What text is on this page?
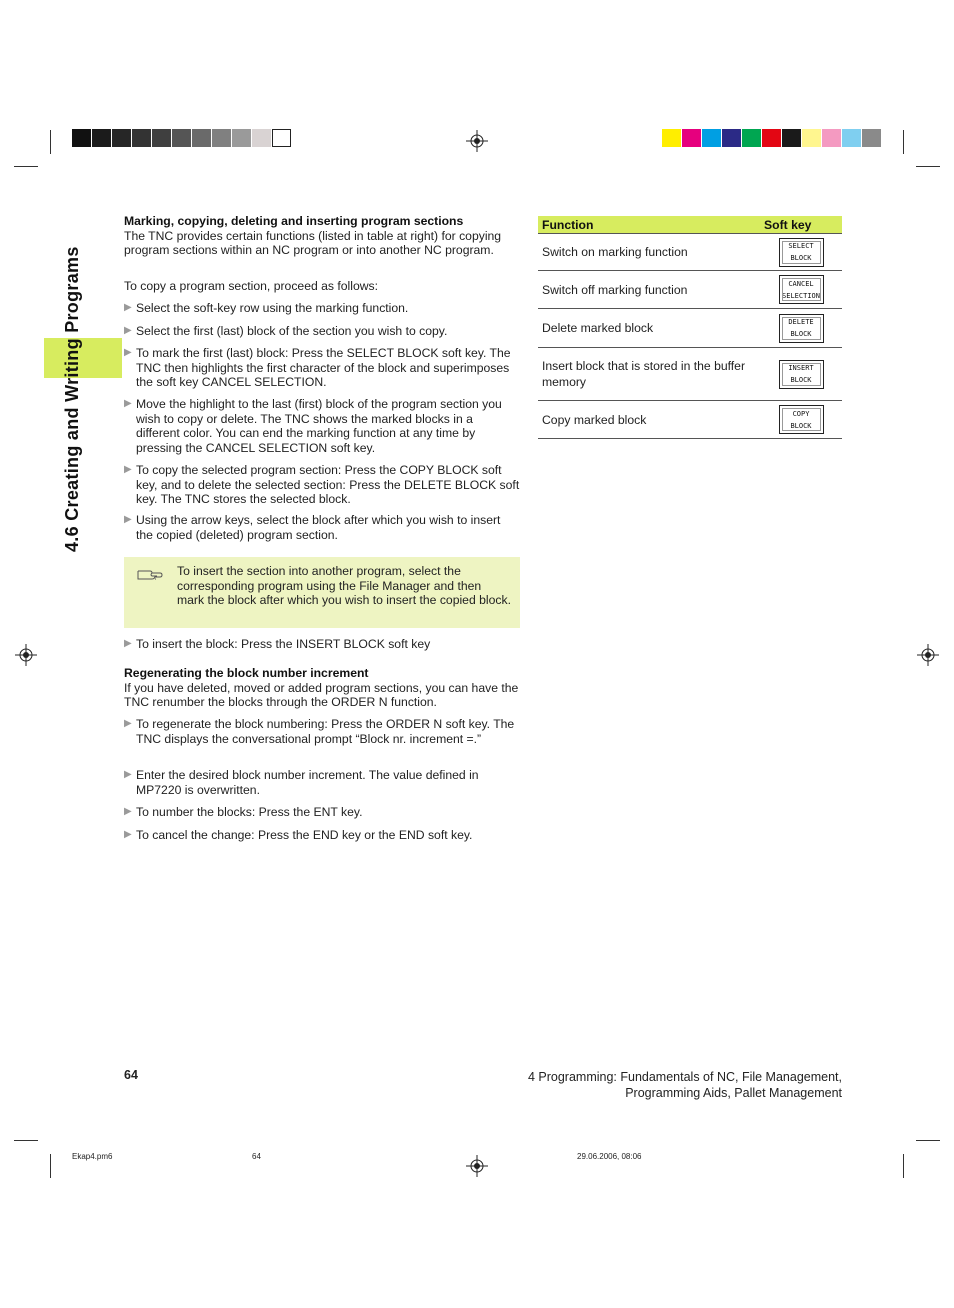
4.6 Creating and Writing Programs

Marking, copying, deleting and inserting program sections

The TNC provides certain functions (listed in table at right) for copying program sections within an NC program or into another NC program.

To copy a program section, proceed as follows:
▶ Select the soft-key row using the marking function.
▶ Select the first (last) block of the section you wish to copy.
▶ To mark the first (last) block: Press the SELECT BLOCK soft key. The TNC then highlights the first character of the block and superimposes the soft key CANCEL SELECTION.
▶ Move the highlight to the last (first) block of the program section you wish to copy or delete. The TNC shows the marked blocks in a different color. You can end the marking function at any time by pressing the CANCEL SELECTION soft key.
▶ To copy the selected program section: Press the COPY BLOCK soft key, and to delete the selected section: Press the DELETE BLOCK soft key. The TNC stores the selected block.
▶ Using the arrow keys, select the block after which you wish to insert the copied (deleted) program section.
To insert the section into another program, select the corresponding program using the File Manager and then mark the block after which you wish to insert the copied block.
▶ To insert the block: Press the INSERT BLOCK soft key

Regenerating the block number increment

If you have deleted, moved or added program sections, you can have the TNC renumber the blocks through the ORDER N function.

▶ To regenerate the block numbering: Press the ORDER N soft key. The TNC displays the conversational prompt “Block nr. increment =.”
▶ Enter the desired block number increment. The value defined in MP7220 is overwritten.
▶ To number the blocks: Press the ENT key.
▶ To cancel the change: Press the END key or the END soft key.
Function	Soft key
Switch on marking function	SELECT
BLOCK

Switch off marking function	CANCEL
SELECTION

Delete marked block	DELETE
BLOCK

Insert block that is stored in the buffer memory	INSERT
BLOCK

Copy marked block	COPY
BLOCK
64	4 Programming: Fundamentals of NC, File Management,
Programming Aids, Pallet Management
Ekap4.pm6	64	29.06.2006, 08:06
